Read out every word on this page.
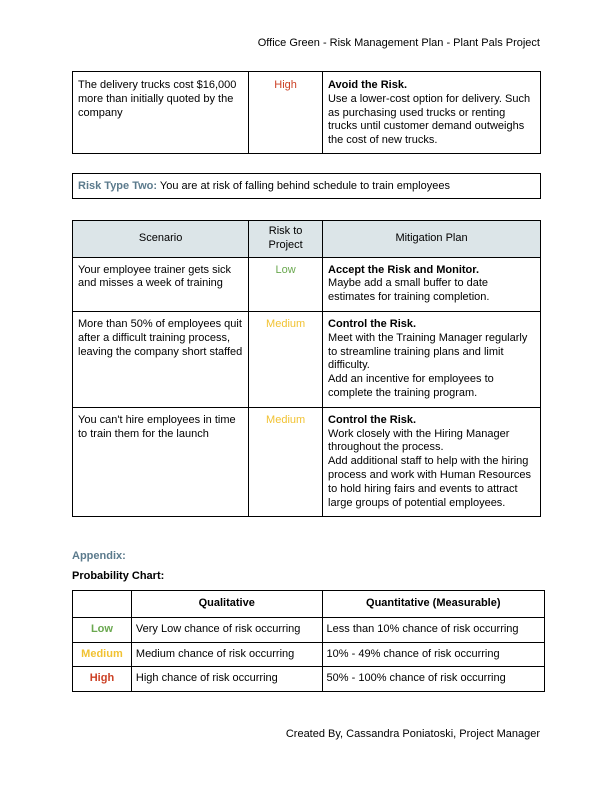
Office Green - Risk Management Plan - Plant Pals Project
The delivery trucks cost $16,000 more than initially quoted by the company	High	Avoid the Risk.
Use a lower-cost option for delivery. Such as purchasing used trucks or renting trucks until customer demand outweighs the cost of new trucks.
Risk Type Two: You are at risk of falling behind schedule to train employees
Scenario	Risk to Project	Mitigation Plan
Your employee trainer gets sick and misses a week of training	Low	Accept the Risk and Monitor.
Maybe add a small buffer to date estimates for training completion.

More than 50% of employees quit after a difficult training process, leaving the company short staffed	Medium	Control the Risk.
Meet with the Training Manager regularly to streamline training plans and limit difficulty.
Add an incentive for employees to complete the training program.

You can't hire employees in time to train them for the launch	Medium	Control the Risk.
Work closely with the Hiring Manager throughout the process.
Add additional staff to help with the hiring process and work with Human Resources to hold hiring fairs and events to attract large groups of potential employees.
Appendix:
Probability Chart:
	Qualitative	Quantitative (Measurable)
Low	Very Low chance of risk occurring	Less than 10% chance of risk occurring
Medium	Medium chance of risk occurring	10% - 49% chance of risk occurring
High	High chance of risk occurring	50% - 100% chance of risk occurring
Created By, Cassandra Poniatoski, Project Manager
